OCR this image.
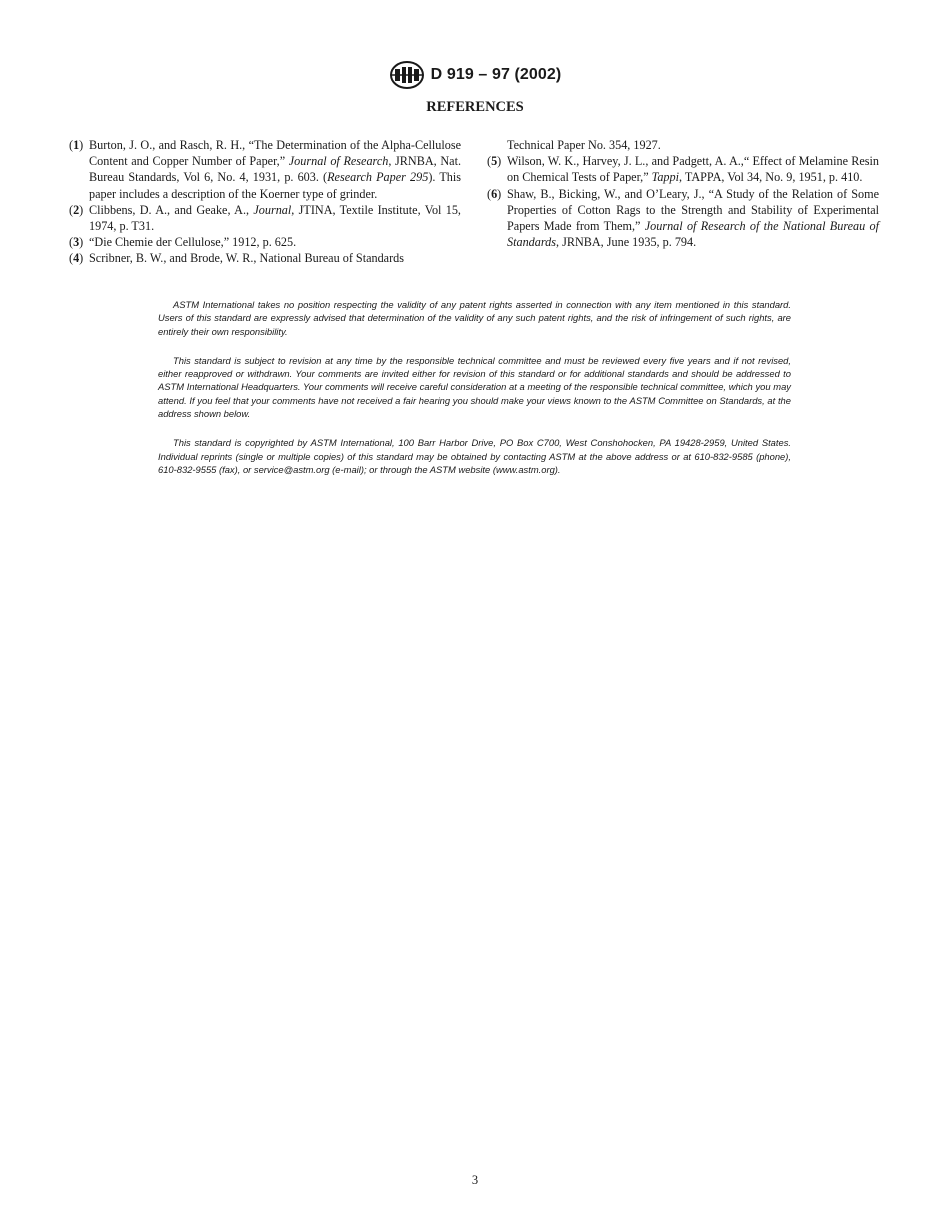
D 919 – 97 (2002)
REFERENCES

(1) Burton, J. O., and Rasch, R. H., “The Determination of the Alpha-Cellulose Content and Copper Number of Paper,” Journal of Research, JRNBA, Nat. Bureau Standards, Vol 6, No. 4, 1931, p. 603. (Research Paper 295). This paper includes a description of the Koerner type of grinder.

(2) Clibbens, D. A., and Geake, A., Journal, JTINA, Textile Institute, Vol 15, 1974, p. T31.

(3) “Die Chemie der Cellulose,” 1912, p. 625.

(4) Scribner, B. W., and Brode, W. R., National Bureau of Standards

Technical Paper No. 354, 1927.

(5) Wilson, W. K., Harvey, J. L., and Padgett, A. A.,“ Effect of Melamine Resin on Chemical Tests of Paper,” Tappi, TAPPA, Vol 34, No. 9, 1951, p. 410.

(6) Shaw, B., Bicking, W., and O’Leary, J., “A Study of the Relation of Some Properties of Cotton Rags to the Strength and Stability of Experimental Papers Made from Them,” Journal of Research of the National Bureau of Standards, JRNBA, June 1935, p. 794.

ASTM International takes no position respecting the validity of any patent rights asserted in connection with any item mentioned in this standard. Users of this standard are expressly advised that determination of the validity of any such patent rights, and the risk of infringement of such rights, are entirely their own responsibility.

This standard is subject to revision at any time by the responsible technical committee and must be reviewed every five years and if not revised, either reapproved or withdrawn. Your comments are invited either for revision of this standard or for additional standards and should be addressed to ASTM International Headquarters. Your comments will receive careful consideration at a meeting of the responsible technical committee, which you may attend. If you feel that your comments have not received a fair hearing you should make your views known to the ASTM Committee on Standards, at the address shown below.

This standard is copyrighted by ASTM International, 100 Barr Harbor Drive, PO Box C700, West Conshohocken, PA 19428-2959, United States. Individual reprints (single or multiple copies) of this standard may be obtained by contacting ASTM at the above address or at 610-832-9585 (phone), 610-832-9555 (fax), or service@astm.org (e-mail); or through the ASTM website (www.astm.org).

3
